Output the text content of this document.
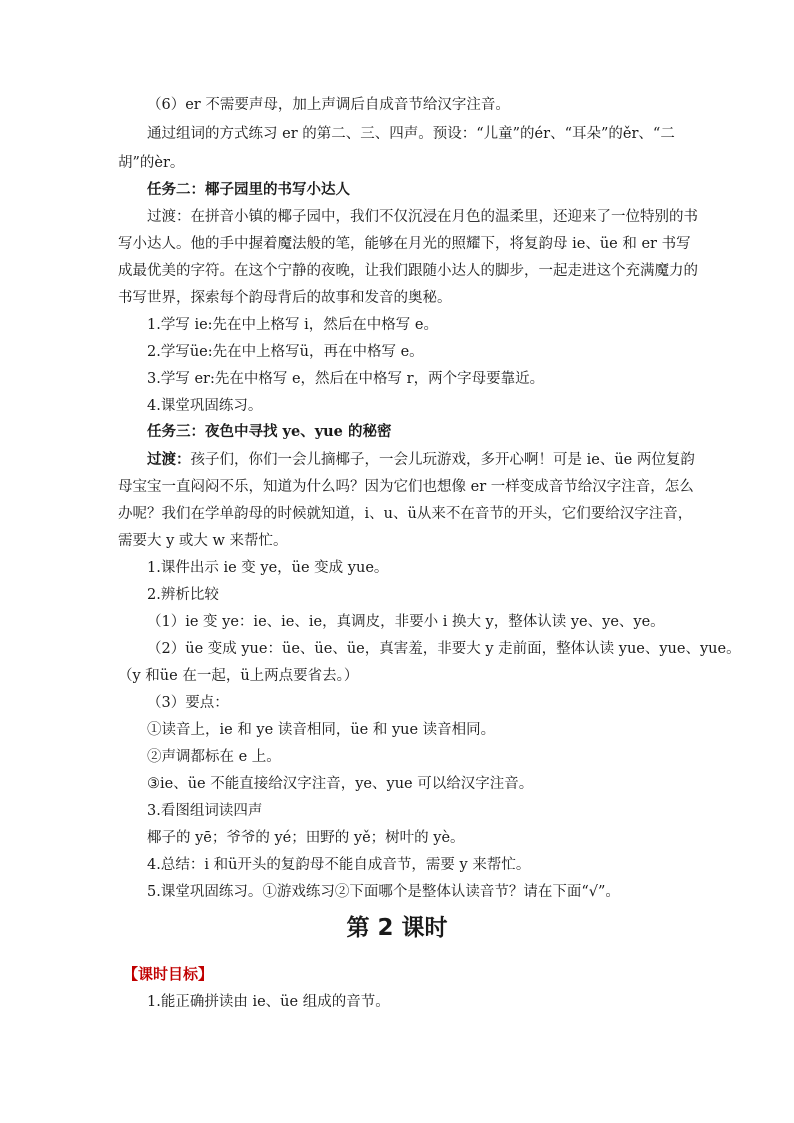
（6）er 不需要声母，加上声调后自成音节给汉字注音。
通过组词的方式练习 er 的第二、三、四声。预设：“儿童”的ér、“耳朵”的ěr、“二
胡”的èr。
任务二：椰子园里的书写小达人
过渡：在拼音小镇的椰子园中，我们不仅沉浸在月色的温柔里，还迎来了一位特别的书
写小达人。他的手中握着魔法般的笔，能够在月光的照耀下，将复韵母 ie、üe 和 er 书写
成最优美的字符。在这个宁静的夜晚，让我们跟随小达人的脚步，一起走进这个充满魔力的
书写世界，探索每个韵母背后的故事和发音的奥秘。
1.学写 ie:先在中上格写 i，然后在中格写 e。
2.学写üe:先在中上格写ü，再在中格写 e。
3.学写 er:先在中格写 e，然后在中格写 r，两个字母要靠近。
4.课堂巩固练习。
任务三：夜色中寻找 ye、yue 的秘密
过渡：孩子们，你们一会儿摘椰子，一会儿玩游戏，多开心啊！可是 ie、üe 两位复韵
母宝宝一直闷闷不乐，知道为什么吗？因为它们也想像 er 一样变成音节给汉字注音，怎么
办呢？我们在学单韵母的时候就知道，i、u、ü从来不在音节的开头，它们要给汉字注音，
需要大 y 或大 w 来帮忙。
1.课件出示 ie 变 ye，üe 变成 yue。
2.辨析比较
（1）ie 变 ye：ie、ie、ie，真调皮，非要小 i 换大 y，整体认读 ye、ye、ye。
（2）üe 变成 yue：üe、üe、üe，真害羞，非要大 y 走前面，整体认读 yue、yue、yue。
（y 和üe 在一起，ü上两点要省去。）
（3）要点：
①读音上，ie 和 ye 读音相同，üe 和 yue 读音相同。
②声调都标在 e 上。
③ie、üe 不能直接给汉字注音，ye、yue 可以给汉字注音。
3.看图组词读四声
椰子的 yē；爷爷的 yé；田野的 yě；树叶的 yè。
4.总结：i 和ü开头的复韵母不能自成音节，需要 y 来帮忙。
5.课堂巩固练习。①游戏练习②下面哪个是整体认读音节？请在下面“√”。
第 2 课时
【课时目标】
1.能正确拼读由 ie、üe 组成的音节。
